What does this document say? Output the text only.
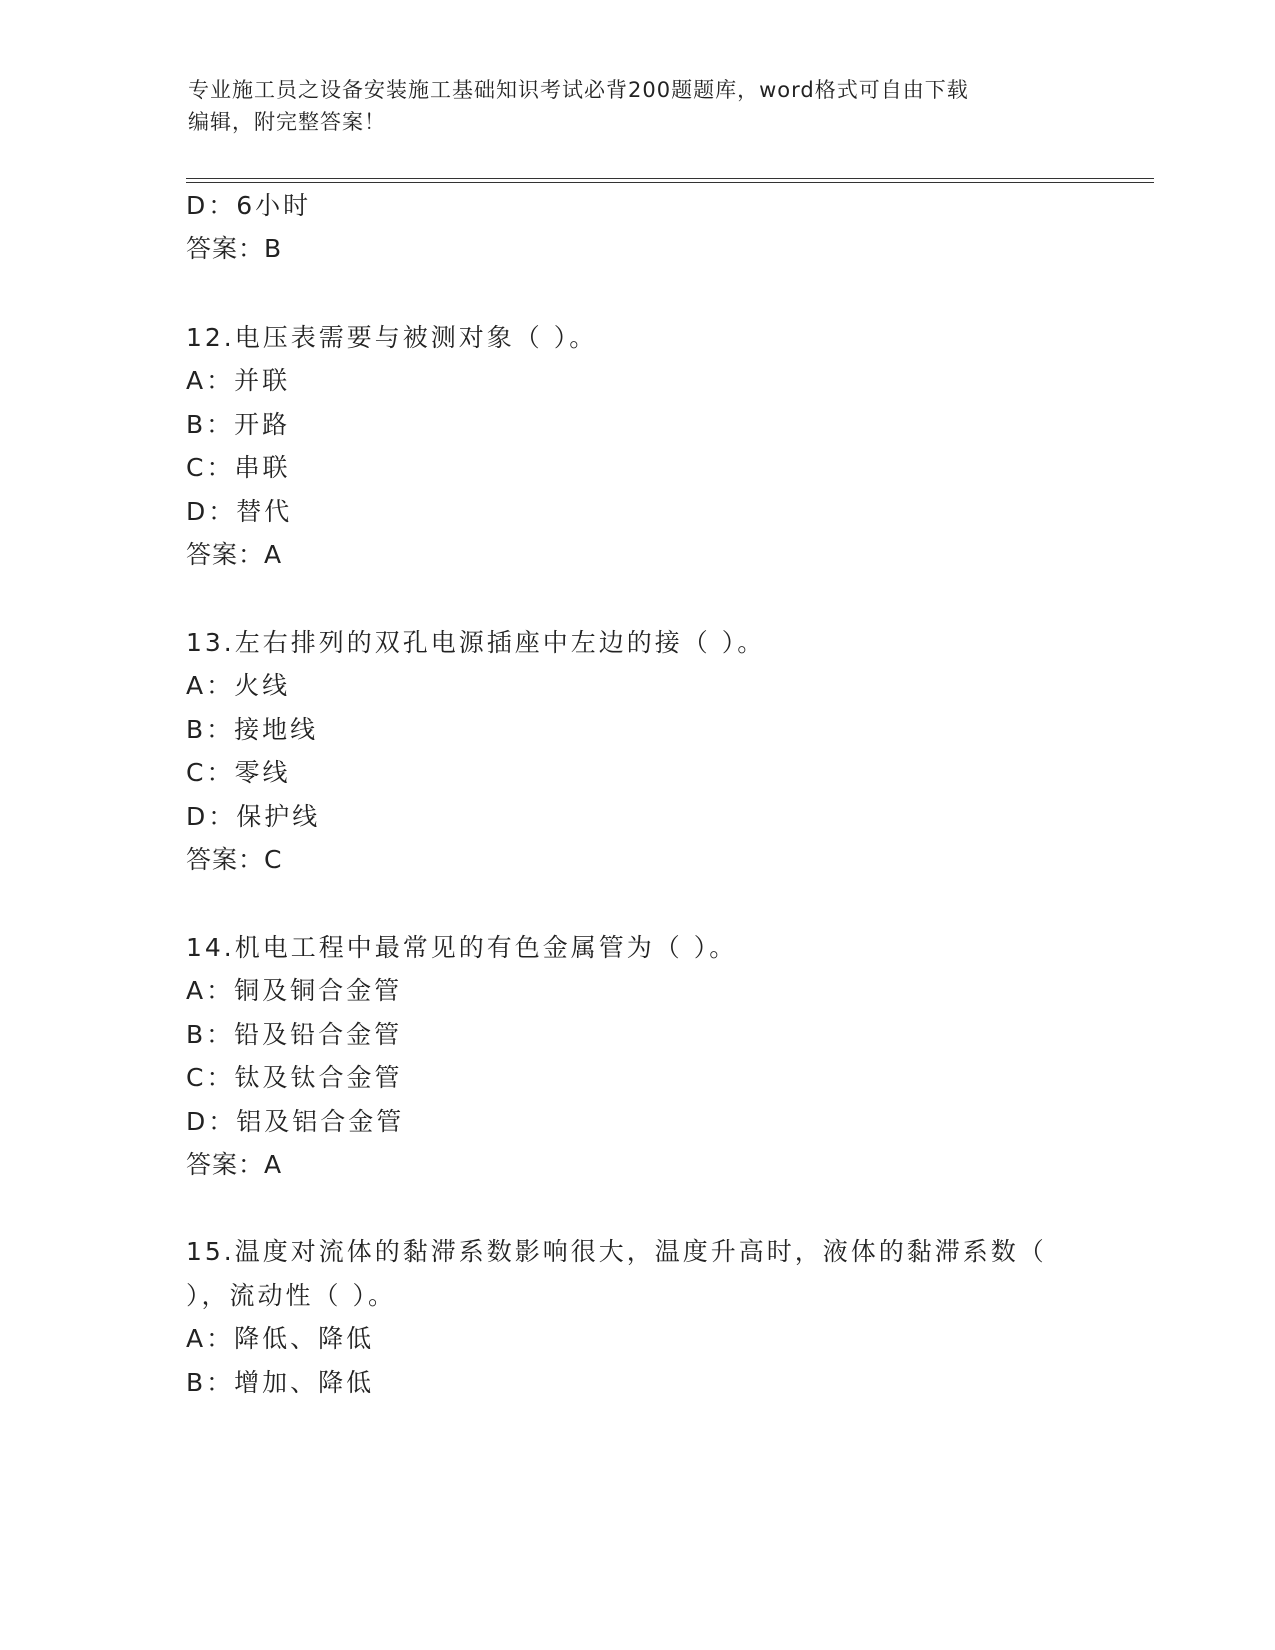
专业施工员之设备安装施工基础知识考试必背200题题库，word格式可自由下载
编辑，附完整答案！
D：6小时
答案：B
12.电压表需要与被测对象（ ）。
A：并联
B：开路
C：串联
D：替代
答案：A
13.左右排列的双孔电源插座中左边的接（ ）。
A：火线
B：接地线
C：零线
D：保护线
答案：C
14.机电工程中最常见的有色金属管为（ ）。
A：铜及铜合金管
B：铅及铅合金管
C：钛及钛合金管
D：铝及铝合金管
答案：A
15.温度对流体的黏滞系数影响很大，温度升高时，液体的黏滞系数（
），流动性（ ）。
A：降低、降低
B：增加、降低
